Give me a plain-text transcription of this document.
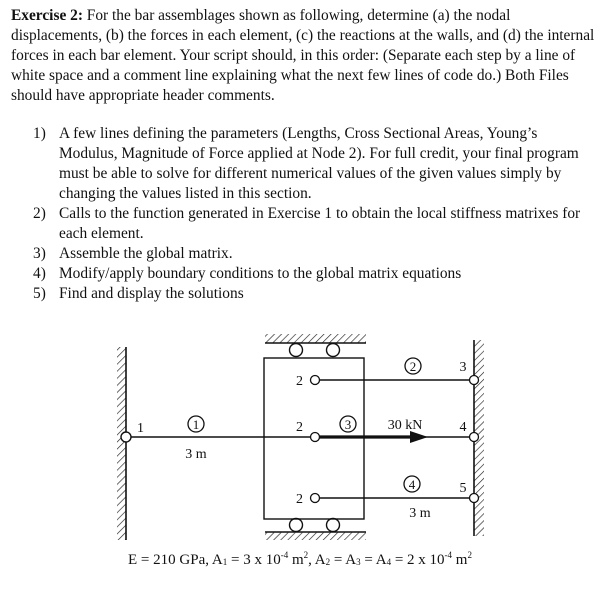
Exercise 2: For the bar assemblages shown as following, determine (a) the nodal displacements, (b) the forces in each element, (c) the reactions at the walls, and (d) the internal forces in each bar element. Your script should, in this order: (Separate each step by a line of white space and a comment line explaining what the next few lines of code do.) Both Files should have appropriate header comments.
1) A few lines defining the parameters (Lengths, Cross Sectional Areas, Young’s Modulus, Magnitude of Force applied at Node 2). For full credit, your final program must be able to solve for different numerical values of the given values simply by changing the values listed in this section.
2) Calls to the function generated in Exercise 1 to obtain the local stiffness matrixes for each element.
3) Assemble the global matrix.
4) Modify/apply boundary conditions to the global matrix equations
5) Find and display the solutions
1	1
3 m
2
2	3
2	3	30 kN	4
2
4
3 m
5
E = 210 GPa, $A_1 = 3$ x $10^{-4}$ $m^2$, $A_2 = A_3 = A_4 = 2$ x $10^{-4}$ $m^2$
